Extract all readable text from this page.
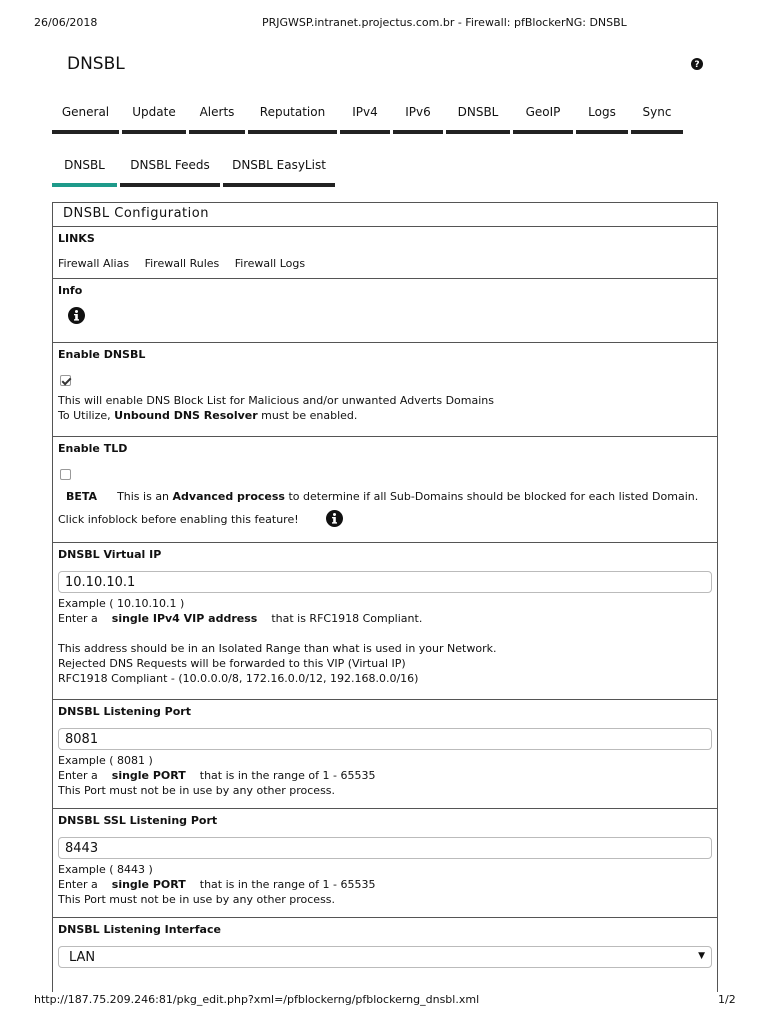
26/06/2018	PRJGWSP.intranet.projectus.com.br - Firewall: pfBlockerNG: DNSBL
DNSBL	?
General	Update	Alerts	Reputation	IPv4	IPv6	DNSBL	GeoIP	Logs	Sync
DNSBL	DNSBL Feeds	DNSBL EasyList
DNSBL Configuration
LINKS
Firewall Alias Firewall Rules Firewall Logs
Info
Enable DNSBL
This will enable DNS Block List for Malicious and/or unwanted Adverts Domains
To Utilize, Unbound DNS Resolver must be enabled.
Enable TLD
BETA This is an Advanced process to determine if all Sub-Domains should be blocked for each listed Domain.
Click infoblock before enabling this feature!
DNSBL Virtual IP
10.10.10.1
Example ( 10.10.10.1 )
Enter a single IPv4 VIP address that is RFC1918 Compliant.
This address should be in an Isolated Range than what is used in your Network.
Rejected DNS Requests will be forwarded to this VIP (Virtual IP)
RFC1918 Compliant - (10.0.0.0/8, 172.16.0.0/12, 192.168.0.0/16)
DNSBL Listening Port
8081
Example ( 8081 )
Enter a single PORT that is in the range of 1 - 65535
This Port must not be in use by any other process.
DNSBL SSL Listening Port
8443
Example ( 8443 )
Enter a single PORT that is in the range of 1 - 65535
This Port must not be in use by any other process.
DNSBL Listening Interface
LAN	▼
http://187.75.209.246:81/pkg_edit.php?xml=/pfblockerng/pfblockerng_dnsbl.xml	1/2
